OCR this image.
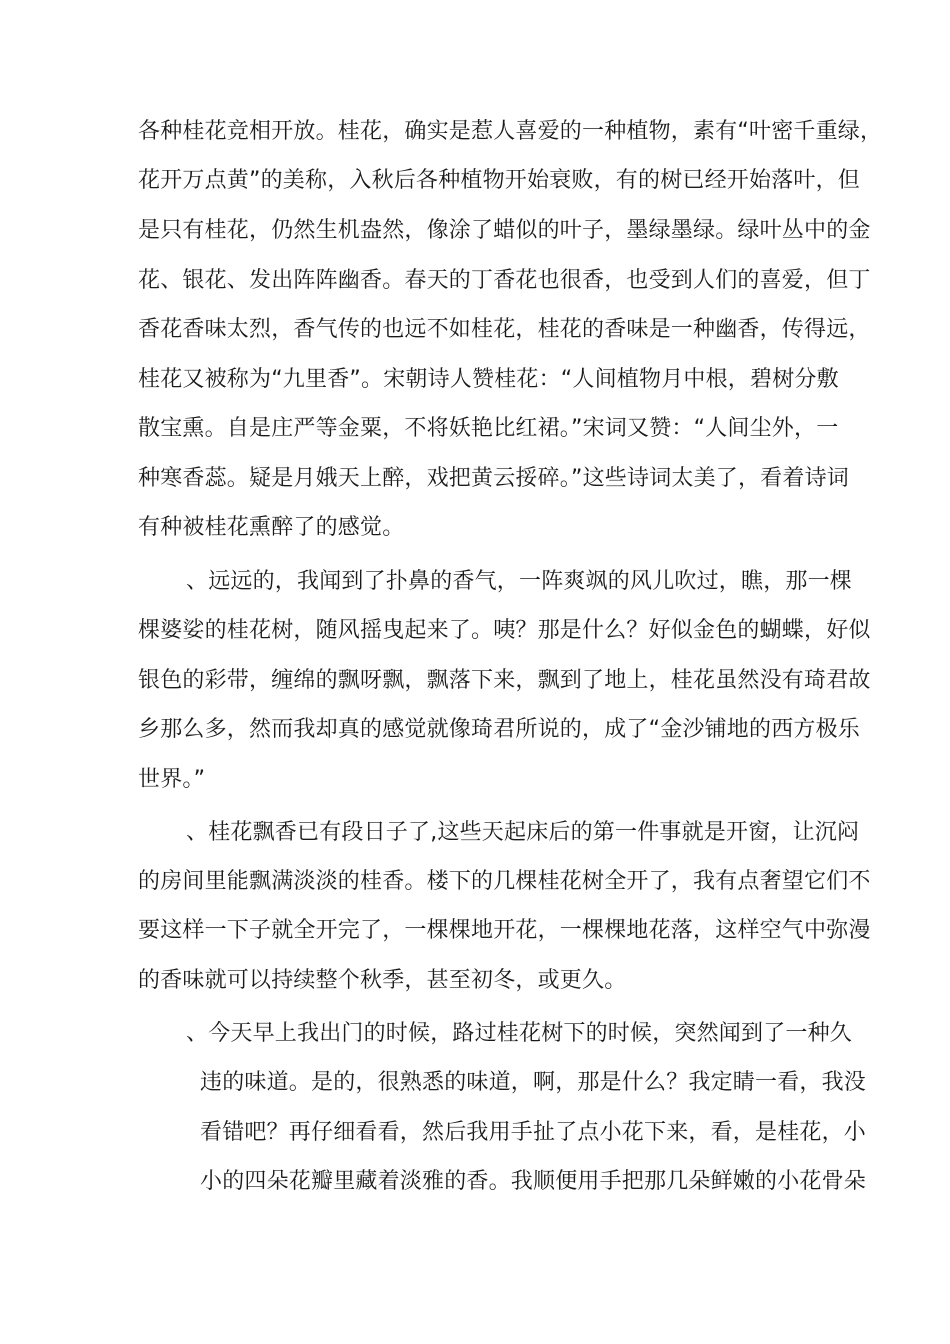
各种桂花竞相开放。桂花，确实是惹人喜爱的一种植物，素有“叶密千重绿，
花开万点黄”的美称，入秋后各种植物开始衰败，有的树已经开始落叶，但
是只有桂花，仍然生机盎然，像涂了蜡似的叶子，墨绿墨绿。绿叶丛中的金
花、银花、发出阵阵幽香。春天的丁香花也很香，也受到人们的喜爱，但丁
香花香味太烈，香气传的也远不如桂花，桂花的香味是一种幽香，传得远，
桂花又被称为“九里香”。宋朝诗人赞桂花：“人间植物月中根，碧树分敷
散宝熏。自是庄严等金粟，不将妖艳比红裙。”宋词又赞：“人间尘外，一
种寒香蕊。疑是月娥天上醉，戏把黄云挼碎。”这些诗词太美了，看着诗词
有种被桂花熏醉了的感觉。
、远远的，我闻到了扑鼻的香气，一阵爽飒的风儿吹过，瞧，那一棵
棵婆娑的桂花树，随风摇曳起来了。咦？那是什么？好似金色的蝴蝶，好似
银色的彩带，缠绵的飘呀飘，飘落下来，飘到了地上，桂花虽然没有琦君故
乡那么多，然而我却真的感觉就像琦君所说的，成了“金沙铺地的西方极乐
世界。”
、桂花飘香已有段日子了,这些天起床后的第一件事就是开窗，让沉闷
的房间里能飘满淡淡的桂香。楼下的几棵桂花树全开了，我有点奢望它们不
要这样一下子就全开完了，一棵棵地开花，一棵棵地花落，这样空气中弥漫
的香味就可以持续整个秋季，甚至初冬，或更久。
、今天早上我出门的时候，路过桂花树下的时候，突然闻到了一种久
违的味道。是的，很熟悉的味道，啊，那是什么？我定睛一看，我没
看错吧？再仔细看看，然后我用手扯了点小花下来，看，是桂花，小
小的四朵花瓣里藏着淡雅的香。我顺便用手把那几朵鲜嫩的小花骨朵
